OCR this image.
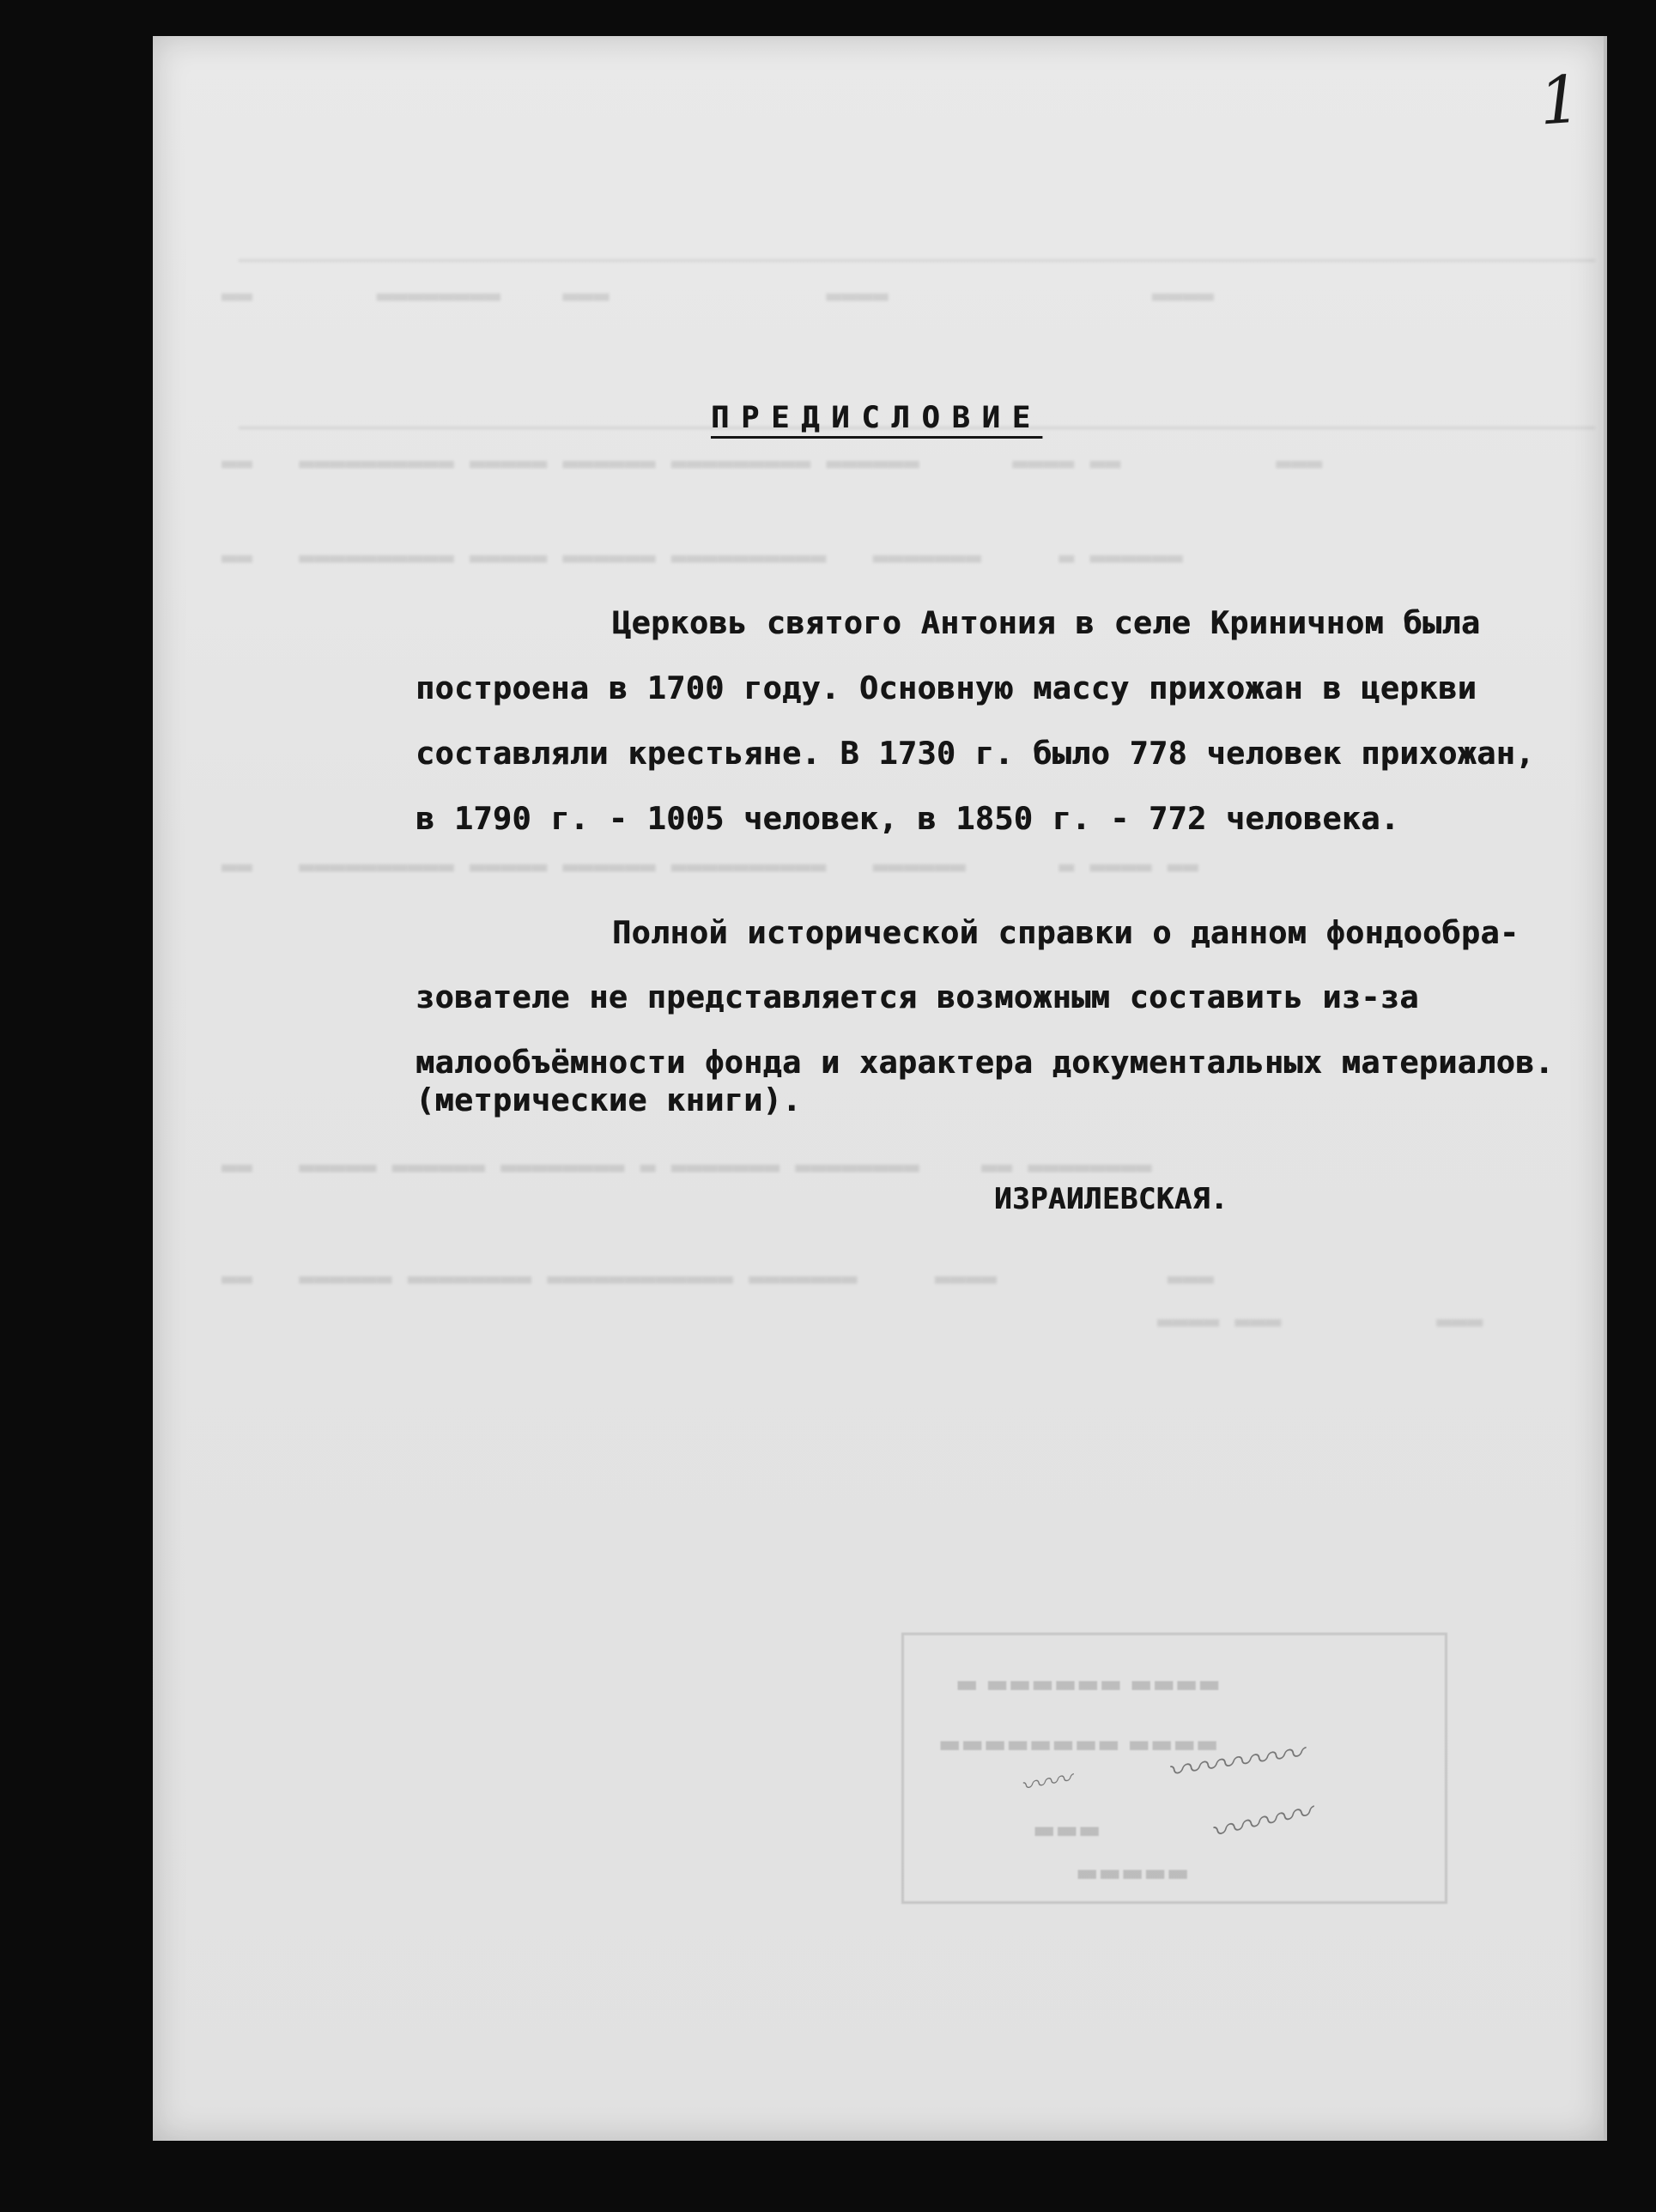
▬▬        ▬▬▬▬▬▬▬▬    ▬▬▬              ▬▬▬▬                 ▬▬▬▬
▬▬   ▬▬▬▬▬▬▬▬▬▬ ▬▬▬▬▬ ▬▬▬▬▬▬ ▬▬▬▬▬▬▬▬▬ ▬▬▬▬▬▬      ▬▬▬▬ ▬▬          ▬▬▬
▬▬   ▬▬▬▬▬▬▬▬▬▬ ▬▬▬▬▬ ▬▬▬▬▬▬ ▬▬▬▬▬▬▬▬▬▬   ▬▬▬▬▬▬▬     ▬ ▬▬▬▬▬▬
▬▬   ▬▬▬▬▬▬▬▬▬▬ ▬▬▬▬▬ ▬▬▬▬▬▬ ▬▬▬▬▬▬▬▬▬▬   ▬▬▬▬▬▬      ▬ ▬▬▬▬ ▬▬
▬▬   ▬▬▬▬▬ ▬▬▬▬▬▬ ▬▬▬▬▬▬▬▬ ▬ ▬▬▬▬▬▬▬ ▬▬▬▬▬▬▬▬    ▬▬ ▬▬▬▬▬▬▬▬
▬▬   ▬▬▬▬▬▬ ▬▬▬▬▬▬▬▬ ▬▬▬▬▬▬▬▬▬▬▬▬ ▬▬▬▬▬▬▬     ▬▬▬▬           ▬▬▬
▬▬▬▬ ▬▬▬          ▬▬▬
1
ПРЕДИСЛОВИЕ
Церковь святого Антония в селе Криничном была
построена в 1700 году. Основную массу прихожан в церкви
составляли крестьяне. В 1730 г. было 778 человек прихожан,
в 1790 г. - 1005 человек, в 1850 г. - 772 человека.
Полной исторической справки о данном фондообра-
зователе не представляется возможным составить из-за
малообъёмности фонда и характера документальных материалов.
(метрические книги).
ИЗРАИЛЕВСКАЯ.
▬ ▬▬▬▬▬▬ ▬▬▬▬
▬▬▬▬▬▬▬▬ ▬▬▬▬
▬▬▬
▬▬▬▬▬
〰〰〰〰
〰〰〰
〰〰
